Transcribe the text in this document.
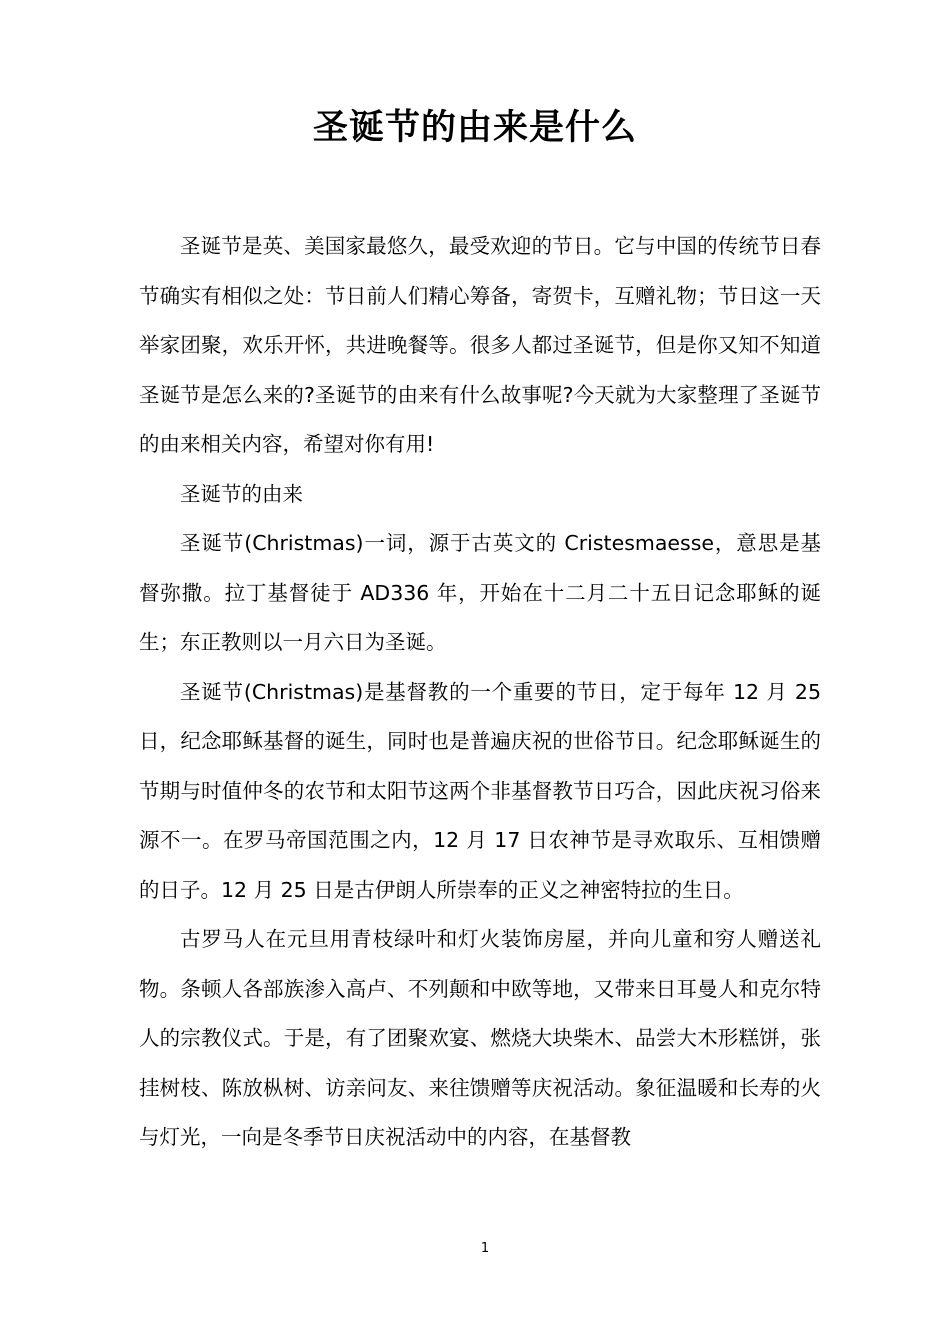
圣诞节的由来是什么

圣诞节是英、美国家最悠久，最受欢迎的节日。它与中国的传统节日春节确实有相似之处：节日前人们精心筹备，寄贺卡，互赠礼物；节日这一天举家团聚，欢乐开怀，共进晚餐等。很多人都过圣诞节，但是你又知不知道圣诞节是怎么来的?圣诞节的由来有什么故事呢?今天就为大家整理了圣诞节的由来相关内容，希望对你有用!

圣诞节的由来

圣诞节(Christmas)一词，源于古英文的 Cristesmaesse，意思是基督弥撒。拉丁基督徒于 AD336 年，开始在十二月二十五日记念耶稣的诞生；东正教则以一月六日为圣诞。

圣诞节(Christmas)是基督教的一个重要的节日，定于每年 12 月 25 日，纪念耶稣基督的诞生，同时也是普遍庆祝的世俗节日。纪念耶稣诞生的节期与时值仲冬的农节和太阳节这两个非基督教节日巧合，因此庆祝习俗来源不一。在罗马帝国范围之内，12 月 17 日农神节是寻欢取乐、互相馈赠的日子。12 月 25 日是古伊朗人所崇奉的正义之神密特拉的生日。

古罗马人在元旦用青枝绿叶和灯火装饰房屋，并向儿童和穷人赠送礼物。条顿人各部族渗入高卢、不列颠和中欧等地，又带来日耳曼人和克尔特人的宗教仪式。于是，有了团聚欢宴、燃烧大块柴木、品尝大木形糕饼，张挂树枝、陈放枞树、访亲问友、来往馈赠等庆祝活动。象征温暖和长寿的火与灯光，一向是冬季节日庆祝活动中的内容，在基督教

1
